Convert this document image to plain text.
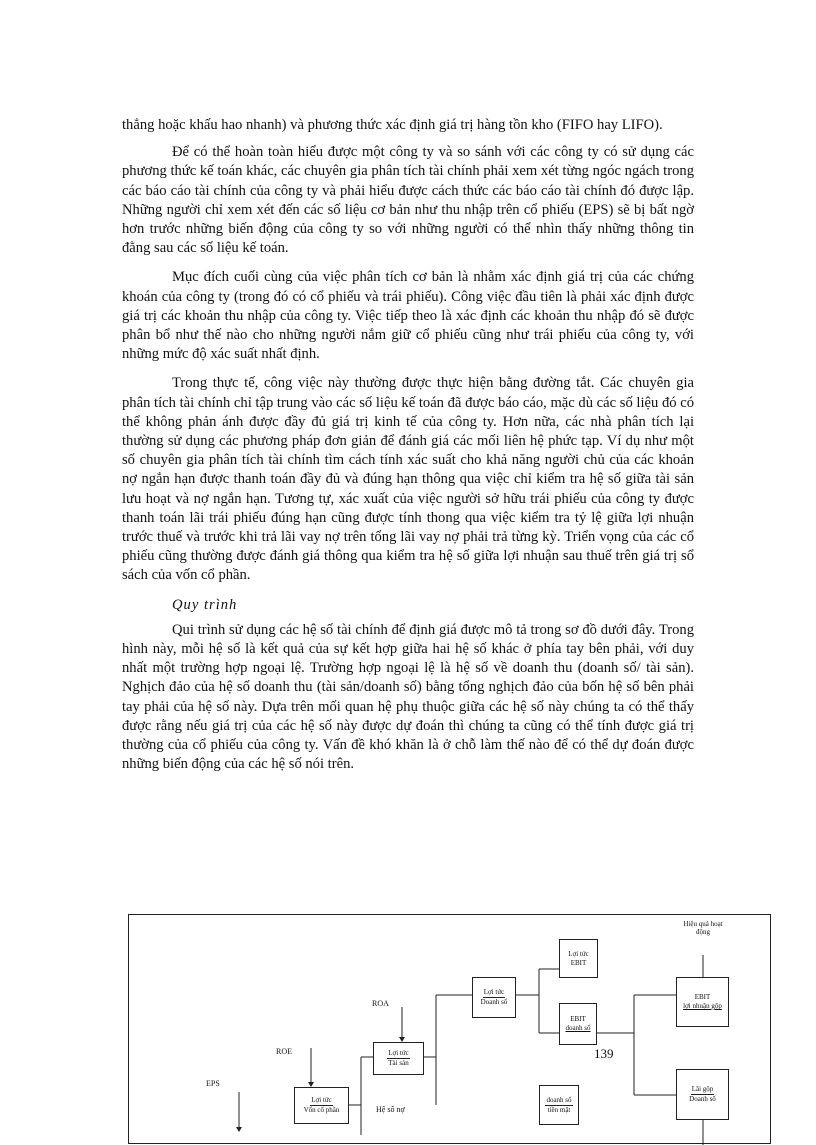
thẳng hoặc khấu hao nhanh) và phương thức xác định giá trị hàng tồn kho (FIFO hay LIFO).

Để có thể hoàn toàn hiểu được một công ty và so sánh với các công ty có sử dụng các phương thức kế toán khác, các chuyên gia phân tích tài chính phải xem xét từng ngóc ngách trong các báo cáo tài chính của công ty và phải hiểu được cách thức các báo cáo tài chính đó được lập. Những người chỉ xem xét đến các số liệu cơ bản như thu nhập trên cổ phiếu (EPS) sẽ bị bất ngờ hơn trước những biến động của công ty so với những người có thể nhìn thấy những thông tin đằng sau các số liệu kế toán.

Mục đích cuối cùng của việc phân tích cơ bản là nhằm xác định giá trị của các chứng khoán của công ty (trong đó có cổ phiếu và trái phiếu). Công việc đầu tiên là phải xác định được giá trị các khoản thu nhập của công ty. Việc tiếp theo là xác định các khoản thu nhập đó sẽ được phân bổ như thế nào cho những người nắm giữ cổ phiếu cũng như trái phiếu của công ty, với những mức độ xác suất nhất định.

Trong thực tế, công việc này thường được thực hiện bằng đường tắt. Các chuyên gia phân tích tài chính chỉ tập trung vào các số liệu kế toán đã được báo cáo, mặc dù các số liệu đó có thể không phản ánh được đầy đủ giá trị kinh tế của công ty. Hơn nữa, các nhà phân tích lại thường sử dụng các phương pháp đơn giản để đánh giá các mối liên hệ phức tạp. Ví dụ như một số chuyên gia phân tích tài chính tìm cách tính xác suất cho khả năng người chủ của các khoản nợ ngắn hạn được thanh toán đầy đủ và đúng hạn thông qua việc chỉ kiểm tra hệ số giữa tài sản lưu hoạt và nợ ngắn hạn. Tương tự, xác xuất của việc người sở hữu trái phiếu của công ty được thanh toán lãi trái phiếu đúng hạn cũng được tính thong qua việc kiểm tra tỷ lệ giữa lợi nhuận trước thuế và trước khi trả lãi vay nợ trên tổng lãi vay nợ phải trả từng kỳ. Triển vọng của các cổ phiếu cũng thường được đánh giá thông qua kiểm tra hệ số giữa lợi nhuận sau thuế trên giá trị sổ sách của vốn cổ phần.

Quy trình

Qui trình sử dụng các hệ số tài chính để định giá được mô tả trong sơ đồ dưới đây. Trong hình này, mỗi hệ số là kết quả của sự kết hợp giữa hai hệ số khác ở phía tay bên phải, với duy nhất một trường hợp ngoại lệ. Trường hợp ngoại lệ là hệ số về doanh thu (doanh số/ tài sản). Nghịch đảo của hệ số doanh thu (tài sản/doanh số) bằng tổng nghịch đảo của bốn hệ số bên phải tay phải của hệ số này. Dựa trên mối quan hệ phụ thuộc giữa các hệ số này chúng ta có thể thấy được rằng nếu giá trị của các hệ số này được dự đoán thì chúng ta cũng có thể tính được giá trị thường của cổ phiếu của công ty. Vấn đề khó khăn là ở chỗ làm thế nào để có thể dự đoán được những biến động của các hệ số nói trên.

EPS
ROE
ROA
Hệ số nợ
Hiệu quả hoạt động
Lợi tức
Vốn cổ phần
Lợi tức
Tài sản
Lợi tức
Doanh số
Lợi tức
EBIT
EBIT
doanh số
EBIT
lợi nhuận gộp
Lãi gộp
Doanh số
doanh số
tiền mặt
139
